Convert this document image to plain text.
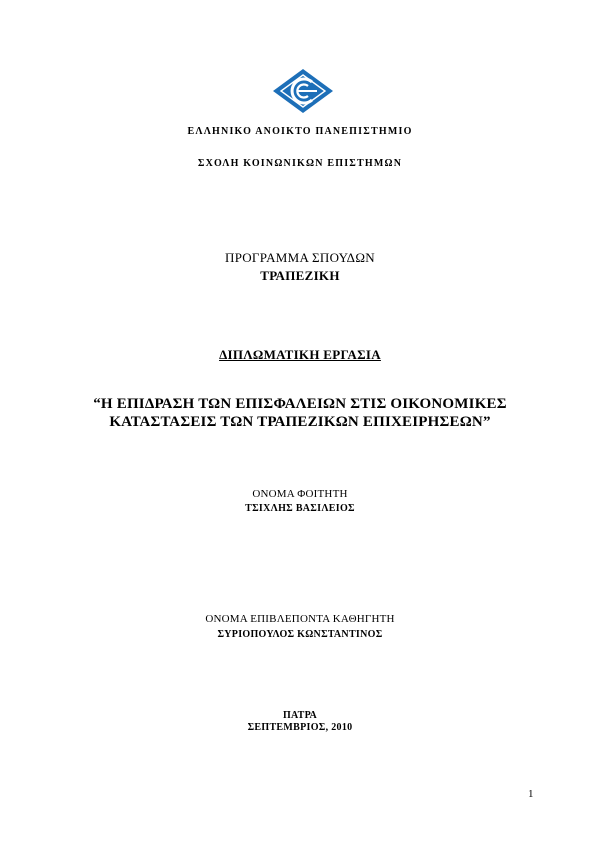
ΕΛΛΗΝΙΚΟ ΑΝΟΙΚΤΟ ΠΑΝΕΠΙΣΤΗΜΙΟ
ΣΧΟΛΗ ΚΟΙΝΩΝΙΚΩΝ ΕΠΙΣΤΗΜΩΝ
ΠΡΟΓΡΑΜΜΑ ΣΠΟΥΔΩΝ
ΤΡΑΠΕΖΙΚΗ
ΔΙΠΛΩΜΑΤΙΚΗ ΕΡΓΑΣΙΑ
“Η ΕΠΙΔΡΑΣΗ ΤΩΝ ΕΠΙΣΦΑΛΕΙΩΝ ΣΤΙΣ ΟΙΚΟΝΟΜΙΚΕΣ
ΚΑΤΑΣΤΑΣΕΙΣ ΤΩΝ ΤΡΑΠΕΖΙΚΩΝ ΕΠΙΧΕΙΡΗΣΕΩΝ”
ΟΝΟΜΑ ΦΟΙΤΗΤΗ
ΤΣΙΧΛΗΣ ΒΑΣΙΛΕΙΟΣ
ΟΝΟΜΑ ΕΠΙΒΛΕΠΟΝΤΑ ΚΑΘΗΓΗΤΗ
ΣΥΡΙΟΠΟΥΛΟΣ ΚΩΝΣΤΑΝΤΙΝΟΣ
ΠΑΤΡΑ
ΣΕΠΤΕΜΒΡΙΟΣ, 2010
1
